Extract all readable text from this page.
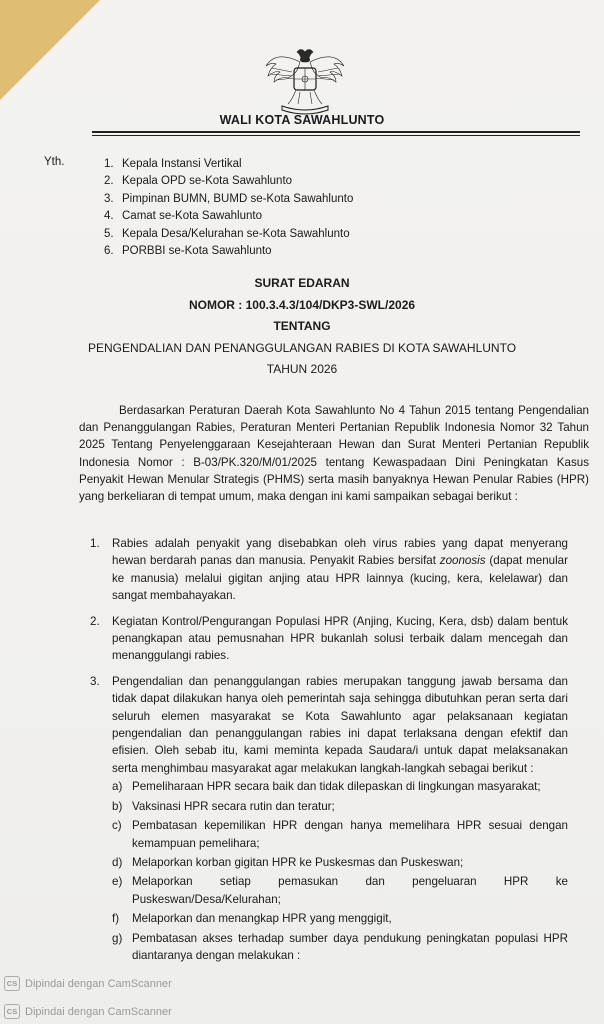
WALI KOTA SAWAHLUNTO
Yth.	1. Kepala Instansi Vertikal
2. Kepala OPD se-Kota Sawahlunto
3. Pimpinan BUMN, BUMD se-Kota Sawahlunto
4. Camat se-Kota Sawahlunto
5. Kepala Desa/Kelurahan se-Kota Sawahlunto
6. PORBBI se-Kota Sawahlunto
SURAT EDARAN
NOMOR : 100.3.4.3/104/DKP3-SWL/2026
TENTANG
PENGENDALIAN DAN PENANGGULANGAN RABIES DI KOTA SAWAHLUNTO
TAHUN 2026
Berdasarkan Peraturan Daerah Kota Sawahlunto No 4 Tahun 2015 tentang Pengendalian dan Penanggulangan Rabies, Peraturan Menteri Pertanian Republik Indonesia Nomor 32 Tahun 2025 Tentang Penyelenggaraan Kesejahteraan Hewan dan Surat Menteri Pertanian Republik Indonesia Nomor : B-03/PK.320/M/01/2025 tentang Kewaspadaan Dini Peningkatan Kasus Penyakit Hewan Menular Strategis (PHMS) serta masih banyaknya Hewan Penular Rabies (HPR) yang berkeliaran di tempat umum, maka dengan ini kami sampaikan sebagai berikut :
1.	Rabies adalah penyakit yang disebabkan oleh virus rabies yang dapat menyerang hewan berdarah panas dan manusia. Penyakit Rabies bersifat zoonosis (dapat menular ke manusia) melalui gigitan anjing atau HPR lainnya (kucing, kera, kelelawar) dan sangat membahayakan.
2.	Kegiatan Kontrol/Pengurangan Populasi HPR (Anjing, Kucing, Kera, dsb) dalam bentuk penangkapan atau pemusnahan HPR bukanlah solusi terbaik dalam mencegah dan menanggulangi rabies.
3.	Pengendalian dan penanggulangan rabies merupakan tanggung jawab bersama dan tidak dapat dilakukan hanya oleh pemerintah saja sehingga dibutuhkan peran serta dari seluruh elemen masyarakat se Kota Sawahlunto agar pelaksanaan kegiatan pengendalian dan penanggulangan rabies ini dapat terlaksana dengan efektif dan efisien. Oleh sebab itu, kami meminta kepada Saudara/i untuk dapat melaksanakan serta menghimbau masyarakat agar melakukan langkah-langkah sebagai berikut :
a) Pemeliharaan HPR secara baik dan tidak dilepaskan di lingkungan masyarakat;
b) Vaksinasi HPR secara rutin dan teratur;
c) Pembatasan kepemilikan HPR dengan hanya memelihara HPR sesuai dengan kemampuan pemelihara;
d) Melaporkan korban gigitan HPR ke Puskesmas dan Puskeswan;
e) Melaporkan setiap pemasukan dan pengeluaran HPR ke Puskeswan/Desa/Kelurahan;
f)	Melaporkan dan menangkap HPR yang menggigit,
g) Pembatasan akses terhadap sumber daya pendukung peningkatan populasi HPR diantaranya dengan melakukan :
CS Dipindai dengan CamScanner
CS Dipindai dengan CamScanner
